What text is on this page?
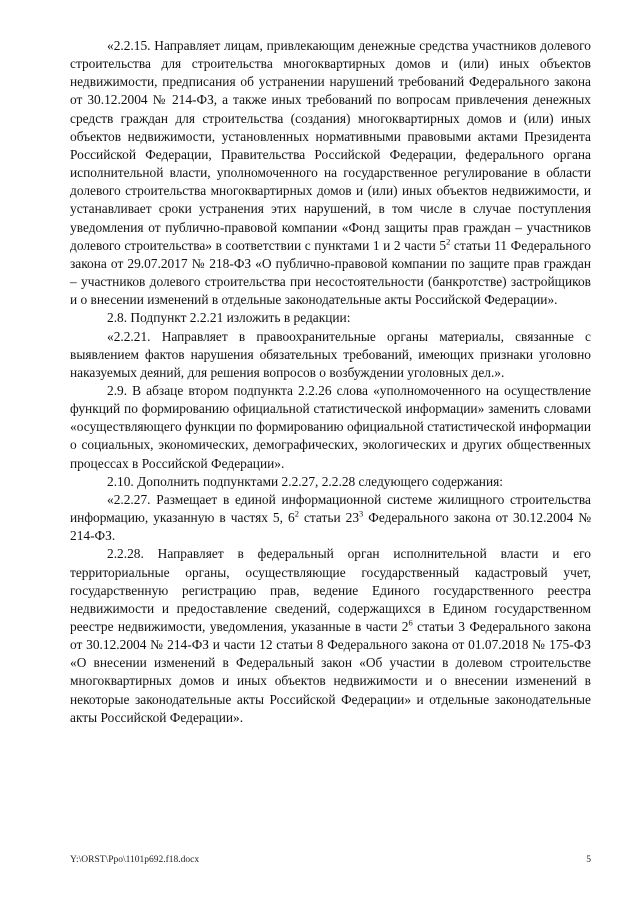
«2.2.15. Направляет лицам, привлекающим денежные средства участников долевого строительства для строительства многоквартирных домов и (или) иных объектов недвижимости, предписания об устранении нарушений требований Федерального закона от 30.12.2004 № 214-ФЗ, а также иных требований по вопросам привлечения денежных средств граждан для строительства (создания) многоквартирных домов и (или) иных объектов недвижимости, установленных нормативными правовыми актами Президента Российской Федерации, Правительства Российской Федерации, федерального органа исполнительной власти, уполномоченного на государственное регулирование в области долевого строительства многоквартирных домов и (или) иных объектов недвижимости, и устанавливает сроки устранения этих нарушений, в том числе в случае поступления уведомления от публично-правовой компании «Фонд защиты прав граждан – участников долевого строительства» в соответствии с пунктами 1 и 2 части $5^2$ статьи 11 Федерального закона от 29.07.2017 № 218-ФЗ «О публично-правовой компании по защите прав граждан – участников долевого строительства при несостоятельности (банкротстве) застройщиков и о внесении изменений в отдельные законодательные акты Российской Федерации».

2.8. Подпункт 2.2.21 изложить в редакции:

«2.2.21. Направляет в правоохранительные органы материалы, связанные с выявлением фактов нарушения обязательных требований, имеющих признаки уголовно наказуемых деяний, для решения вопросов о возбуждении уголовных дел.».

2.9. В абзаце втором подпункта 2.2.26 слова «уполномоченного на осуществление функций по формированию официальной статистической информации» заменить словами «осуществляющего функции по формированию официальной статистической информации о социальных, экономических, демографических, экологических и других общественных процессах в Российской Федерации».

2.10. Дополнить подпунктами 2.2.27, 2.2.28 следующего содержания:

«2.2.27. Размещает в единой информационной системе жилищного строительства информацию, указанную в частях 5, $6^2$ статьи $23^3$ Федерального закона от 30.12.2004 № 214-ФЗ.

2.2.28. Направляет в федеральный орган исполнительной власти и его территориальные органы, осуществляющие государственный кадастровый учет, государственную регистрацию прав, ведение Единого государственного реестра недвижимости и предоставление сведений, содержащихся в Едином государственном реестре недвижимости, уведомления, указанные в части $2^6$ статьи 3 Федерального закона от 30.12.2004 № 214-ФЗ и части 12 статьи 8 Федерального закона от 01.07.2018 № 175-ФЗ «О внесении изменений в Федеральный закон «Об участии в долевом строительстве многоквартирных домов и иных объектов недвижимости и о внесении изменений в некоторые законодательные акты Российской Федерации» и отдельные законодательные акты Российской Федерации».

Y:\ORST\Ppo\1101p692.f18.docx	5
